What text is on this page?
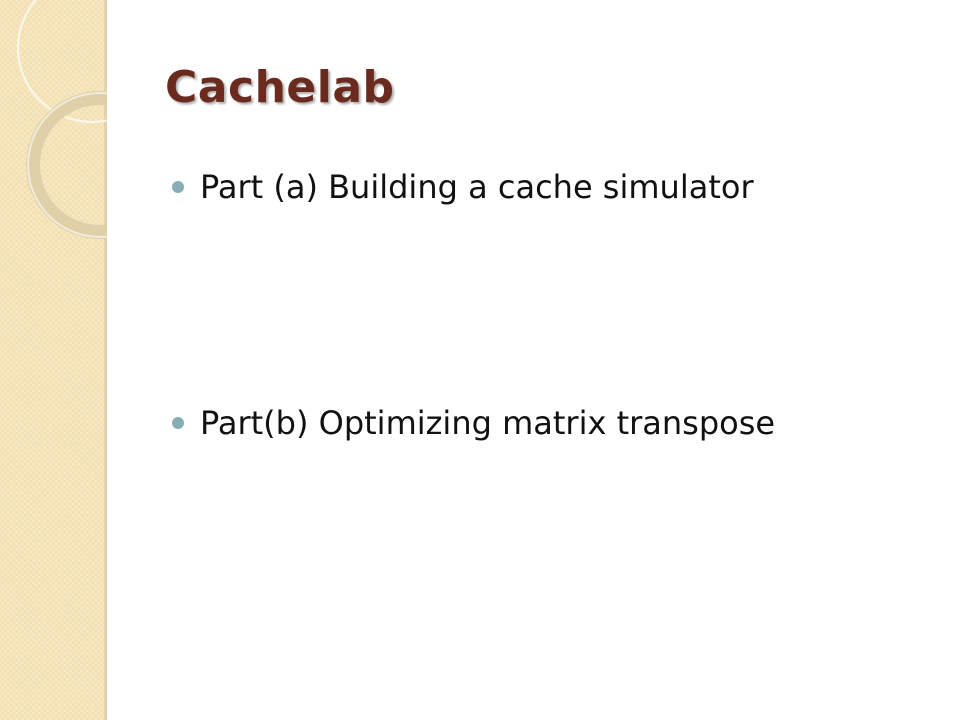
Cachelab
Part (a) Building a cache simulator
Part(b) Optimizing matrix transpose
